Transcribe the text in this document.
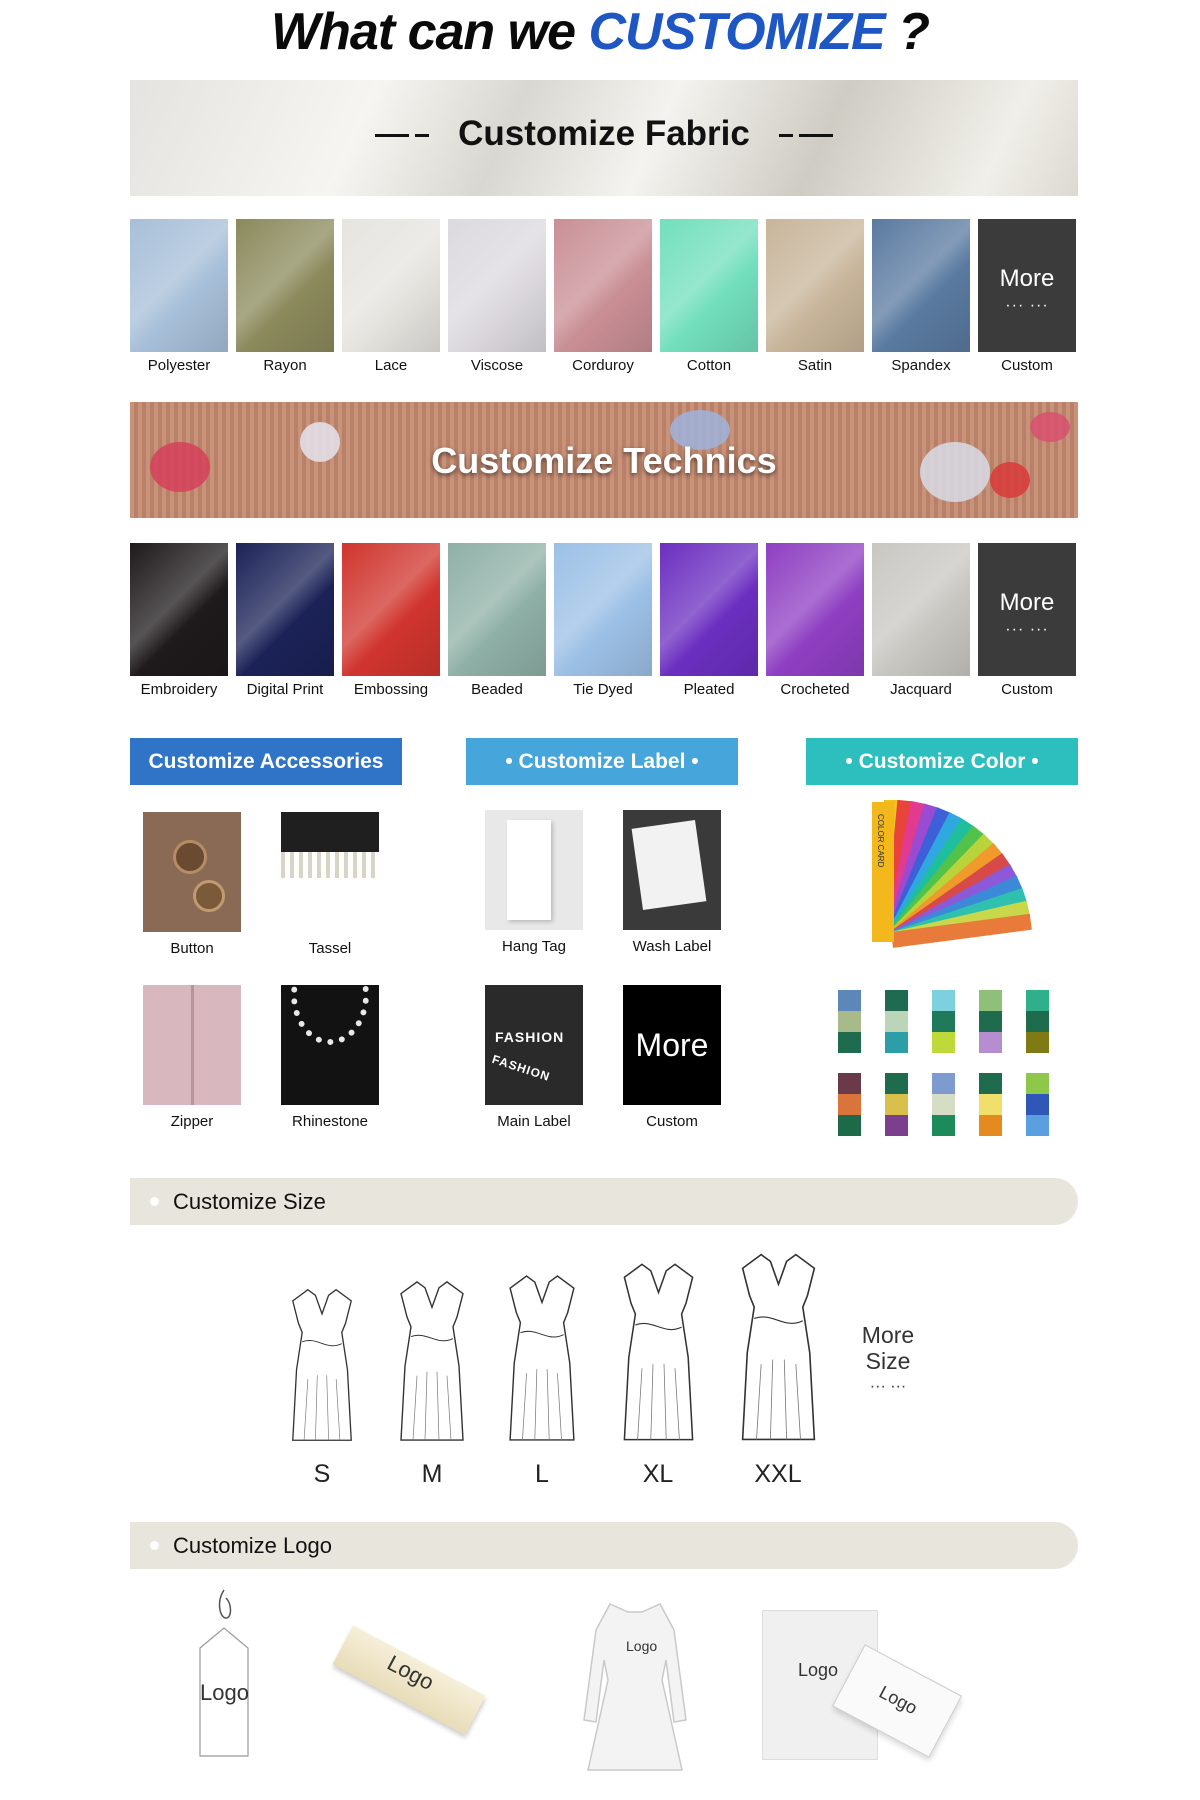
What can we CUSTOMIZE ?
Customize Fabric
Polyester	Rayon	Lace	Viscose	Corduroy	Cotton	Satin	Spandex
More
··· ···
Custom
Customize Technics
Embroidery	Digital Print	Embossing	Beaded	Tie Dyed	Pleated	Crocheted	Jacquard
More
··· ···
Custom
Customize Accessories	• Customize Label •	• Customize Color •
Button	Tassel
Zipper	Rhinestone
Hang Tag	Wash Label
FASHION
FASHION
Main Label
More
Custom
COLOR CARD
Customize Size
S	M	L	XL	XXL
More
Size
··· ···
Customize Logo
Logo	Logo
Logo
Logo
Logo
